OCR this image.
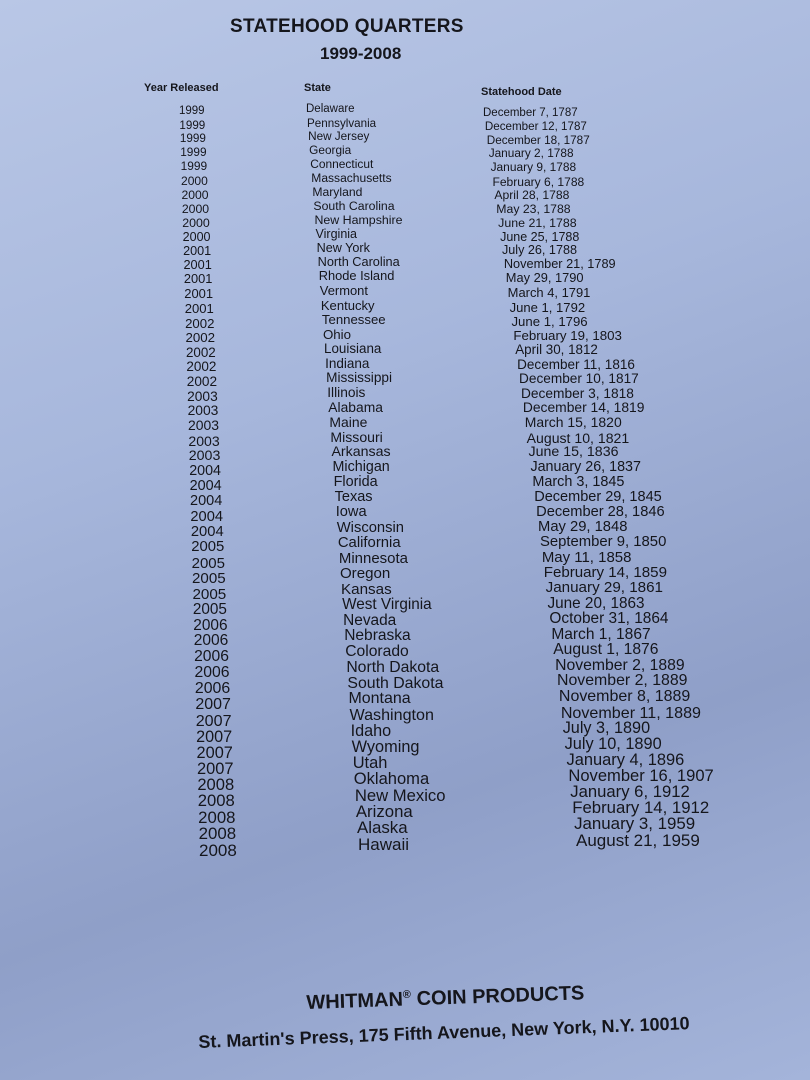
STATEHOOD QUARTERS
1999-2008
Year Released	State	Statehood Date
1999	Delaware	December 7, 1787
1999	Pennsylvania	December 12, 1787
1999	New Jersey	December 18, 1787
1999	Georgia	January 2, 1788
1999	Connecticut	January 9, 1788
2000	Massachusetts	February 6, 1788
2000	Maryland	April 28, 1788
2000	South Carolina	May 23, 1788
2000	New Hampshire	June 21, 1788
2000	Virginia	June 25, 1788
2001	New York	July 26, 1788
2001	North Carolina	November 21, 1789
2001	Rhode Island	May 29, 1790
2001	Vermont	March 4, 1791
2001	Kentucky	June 1, 1792
2002	Tennessee	June 1, 1796
2002	Ohio	February 19, 1803
2002	Louisiana	April 30, 1812
2002	Indiana	December 11, 1816
2002	Mississippi	December 10, 1817
2003	Illinois	December 3, 1818
2003	Alabama	December 14, 1819
2003	Maine	March 15, 1820
2003	Missouri	August 10, 1821
2003	Arkansas	June 15, 1836
2004	Michigan	January 26, 1837
2004	Florida	March 3, 1845
2004	Texas	December 29, 1845
2004	Iowa	December 28, 1846
2004	Wisconsin	May 29, 1848
2005	California	September 9, 1850
2005	Minnesota	May 11, 1858
2005	Oregon	February 14, 1859
2005	Kansas	January 29, 1861
2005	West Virginia	June 20, 1863
2006	Nevada	October 31, 1864
2006	Nebraska	March 1, 1867
2006	Colorado	August 1, 1876
2006	North Dakota	November 2, 1889
2006	South Dakota	November 2, 1889
2007	Montana	November 8, 1889
2007	Washington	November 11, 1889
2007	Idaho	July 3, 1890
2007	Wyoming	July 10, 1890
2007	Utah	January 4, 1896
2008	Oklahoma	November 16, 1907
2008	New Mexico	January 6, 1912
2008	Arizona	February 14, 1912
2008	Alaska	January 3, 1959
2008	Hawaii	August 21, 1959
WHITMAN® COIN PRODUCTS
St. Martin's Press, 175 Fifth Avenue, New York, N.Y. 10010
